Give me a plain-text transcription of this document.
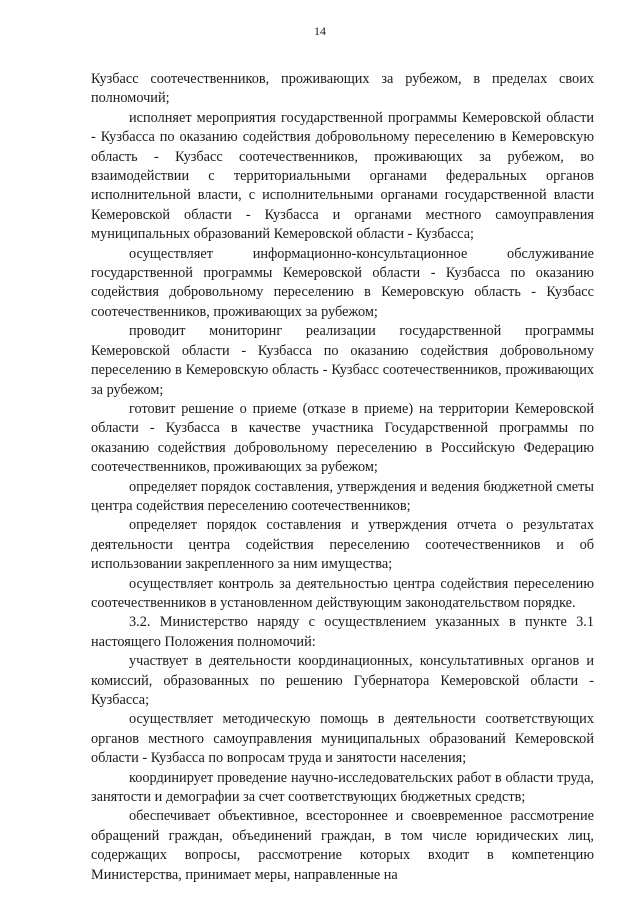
14

Кузбасс соотечественников, проживающих за рубежом, в пределах своих полномочий;

исполняет мероприятия государственной программы Кемеровской области - Кузбасса по оказанию содействия добровольному переселению в Кемеровскую область - Кузбасс соотечественников, проживающих за рубежом, во взаимодействии с территориальными органами федеральных органов исполнительной власти, с исполнительными органами государственной власти Кемеровской области - Кузбасса и органами местного самоуправления муниципальных образований Кемеровской области - Кузбасса;

осуществляет информационно-консультационное обслуживание государственной программы Кемеровской области - Кузбасса по оказанию содействия добровольному переселению в Кемеровскую область - Кузбасс соотечественников, проживающих за рубежом;

проводит мониторинг реализации государственной программы Кемеровской области - Кузбасса по оказанию содействия добровольному переселению в Кемеровскую область - Кузбасс соотечественников, проживающих за рубежом;

готовит решение о приеме (отказе в приеме) на территории Кемеровской области - Кузбасса в качестве участника Государственной программы по оказанию содействия добровольному переселению в Российскую Федерацию соотечественников, проживающих за рубежом;

определяет порядок составления, утверждения и ведения бюджетной сметы центра содействия переселению соотечественников;

определяет порядок составления и утверждения отчета о результатах деятельности центра содействия переселению соотечественников и об использовании закрепленного за ним имущества;

осуществляет контроль за деятельностью центра содействия переселению соотечественников в установленном действующим законодательством порядке.

3.2. Министерство наряду с осуществлением указанных в пункте 3.1 настоящего Положения полномочий:

участвует в деятельности координационных, консультативных органов и комиссий, образованных по решению Губернатора Кемеровской области - Кузбасса;

осуществляет методическую помощь в деятельности соответствующих органов местного самоуправления муниципальных образований Кемеровской области - Кузбасса по вопросам труда и занятости населения;

координирует проведение научно-исследовательских работ в области труда, занятости и демографии за счет соответствующих бюджетных средств;

обеспечивает объективное, всестороннее и своевременное рассмотрение обращений граждан, объединений граждан, в том числе юридических лиц, содержащих вопросы, рассмотрение которых входит в компетенцию Министерства, принимает меры, направленные на
